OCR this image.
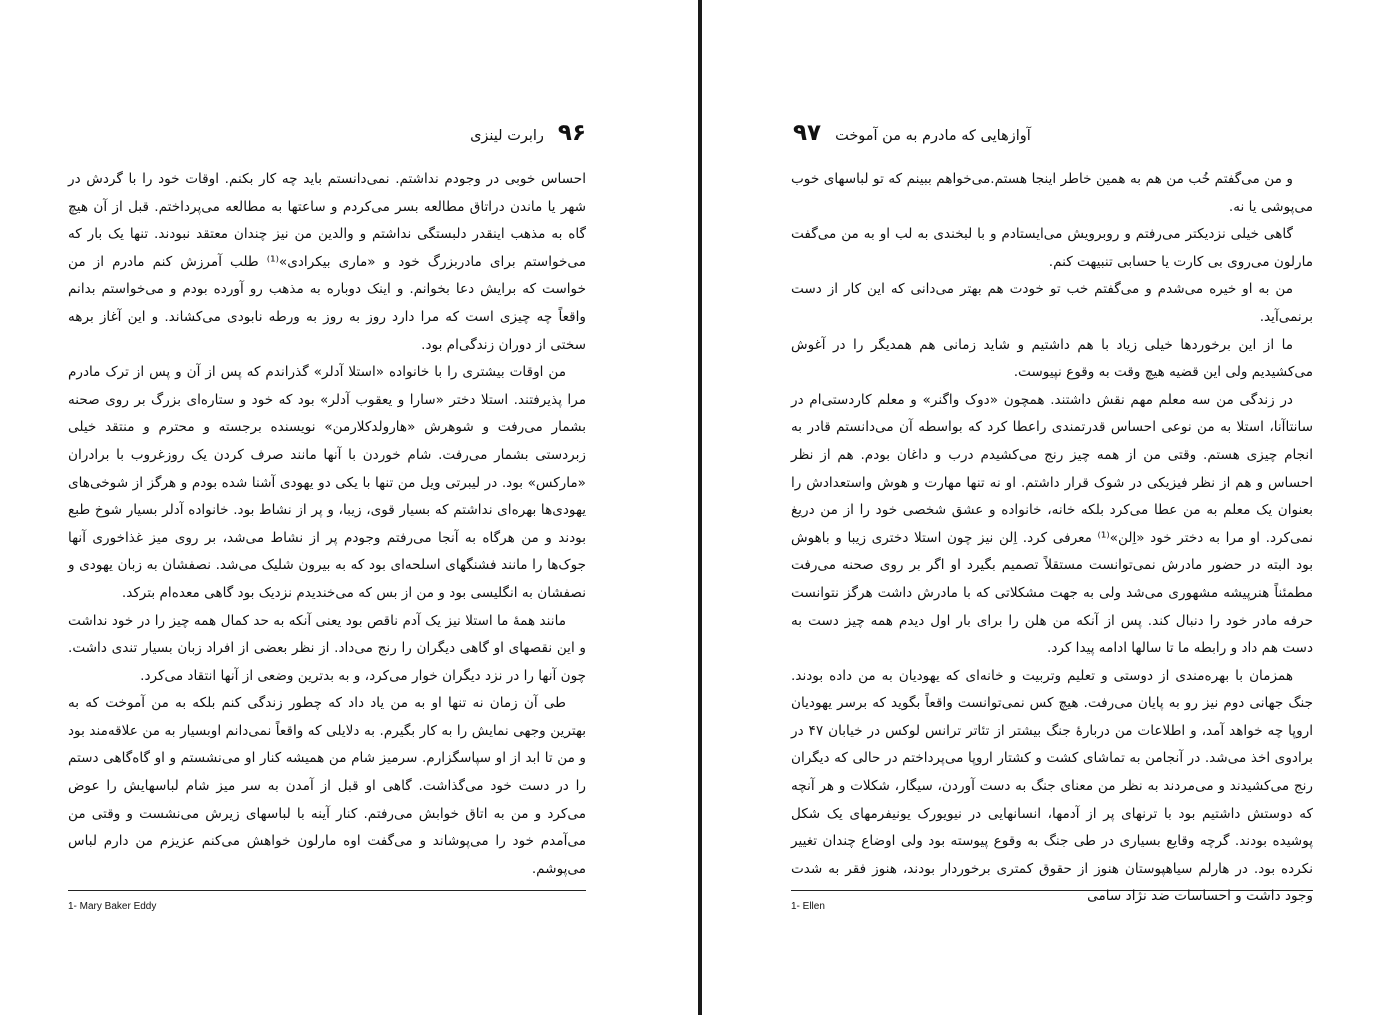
۹۶
رابرت لینزی

احساس خوبی در وجودم نداشتم. نمی‌دانستم باید چه کار بکنم. اوقات خود را با گردش در شهر یا ماندن دراتاق مطالعه بسر می‌کردم و ساعتها به مطالعه می‌پرداختم. قبل از آن هیچ گاه به مذهب اینقدر دلبستگی نداشتم و والدین من نیز چندان معتقد نبودند. تنها یک بار که می‌خواستم برای مادربزرگ خود و «ماری بیکرادی»⁽¹⁾ طلب آمرزش کنم مادرم از من خواست که برایش دعا بخوانم. و اینک دوباره به مذهب رو آورده بودم و می‌خواستم بدانم واقعاً چه چیزی است که مرا دارد روز به روز به ورطه نابودی می‌کشاند. و این آغاز برهه سختی از دوران زندگی‌ام بود.

من اوقات بیشتری را با خانواده «استلا آدلر» گذراندم که پس از آن و پس از ترک مادرم مرا پذیرفتند. استلا دختر «سارا و یعقوب آدلر» بود که خود و ستاره‌ای بزرگ بر روی صحنه بشمار می‌رفت و شوهرش «هارولدکلارمن» نویسنده برجسته و محترم و منتقد خیلی زبردستی بشمار می‌رفت. شام خوردن با آنها مانند صرف کردن یک روزغروب با برادران «مارکس» بود. در لیبرتی ویل من تنها با یکی دو یهودی آشنا شده بودم و هرگز از شوخی‌های یهودی‌ها بهره‌ای نداشتم که بسیار قوی، زیبا، و پر از نشاط بود. خانواده آدلر بسیار شوخ طبع بودند و من هرگاه به آنجا می‌رفتم وجودم پر از نشاط می‌شد، بر روی میز غذاخوری آنها جوک‌ها را مانند فشنگهای اسلحه‌ای بود که به بیرون شلیک می‌شد. نصفشان به زبان یهودی و نصفشان به انگلیسی بود و من از بس که می‌خندیدم نزدیک بود گاهی معده‌ام بترکد.

مانند همهٔ ما استلا نیز یک آدم ناقص بود یعنی آنکه به حد کمال همه چیز را در خود نداشت و این نقصهای او گاهی دیگران را رنج می‌داد. از نظر بعضی از افراد زبان بسیار تندی داشت. چون آنها را در نزد دیگران خوار می‌کرد، و به بدترین وضعی از آنها انتقاد می‌کرد.

طی آن زمان نه تنها او به من یاد داد که چطور زندگی کنم بلکه به من آموخت که به بهترین وجهی نمایش را به کار بگیرم. به دلایلی که واقعاً نمی‌دانم اوبسیار به من علاقه‌مند بود و من تا ابد از او سپاسگزارم. سرمیز شام من همیشه کنار او می‌نشستم و او گاه‌گاهی دستم را در دست خود می‌گذاشت. گاهی او قبل از آمدن به سر میز شام لباسهایش را عوض می‌کرد و من به اتاق خوابش می‌رفتم. کنار آینه با لباسهای زیرش می‌نشست و وقتی من می‌آمدم خود را می‌پوشاند و می‌گفت اوه مارلون خواهش می‌کنم عزیزم من دارم لباس می‌پوشم.

1- Mary Baker Eddy
۹۷ آوازهایی که مادرم به من آموخت

و من می‌گفتم خُب من هم به همین خاطر اینجا هستم.می‌خواهم ببینم که تو لباسهای خوب می‌پوشی یا نه.

گاهی خیلی نزدیکتر می‌رفتم و روبرویش می‌ایستادم و با لبخندی به لب او به من می‌گفت مارلون می‌روی بی کارت یا حسابی تنبیهت کنم.

من به او خیره می‌شدم و می‌گفتم خب تو خودت هم بهتر می‌دانی که این کار از دست برنمی‌آید.

ما از این برخوردها خیلی زیاد با هم داشتیم و شاید زمانی هم همدیگر را در آغوش می‌کشیدیم ولی این قضیه هیچ وقت به وقوع نپیوست.

در زندگی من سه معلم مهم نقش داشتند. همچون «دوک واگنر» و معلم کاردستی‌ام در سانتاآنا، استلا به من نوعی احساس قدرتمندی راعطا کرد که بواسطه آن می‌دانستم قادر به انجام چیزی هستم. وقتی من از همه چیز رنج می‌کشیدم درب و داغان بودم. هم از نظر احساس و هم از نظر فیزیکی در شوک قرار داشتم. او نه تنها مهارت و هوش واستعدادش را بعنوان یک معلم به من عطا می‌کرد بلکه خانه، خانواده و عشق شخصی خود را از من دریغ نمی‌کرد. او مرا به دختر خود «اِلن»⁽¹⁾ معرفی کرد. اِلن نیز چون استلا دختری زیبا و باهوش بود البته در حضور مادرش نمی‌توانست مستقلاً تصمیم بگیرد او اگر بر روی صحنه می‌رفت مطمئناً هنرپیشه مشهوری می‌شد ولی به جهت مشکلاتی که با مادرش داشت هرگز نتوانست حرفه مادر خود را دنبال کند. پس از آنکه من هلن را برای بار اول دیدم همه چیز دست به دست هم داد و رابطه ما تا سالها ادامه پیدا کرد.

همزمان با بهره‌مندی از دوستی و تعلیم وتربیت و خانه‌ای که یهودیان به من داده بودند. جنگ جهانی دوم نیز رو به پایان می‌رفت. هیچ کس نمی‌توانست واقعاً بگوید که برسر یهودیان اروپا چه خواهد آمد، و اطلاعات من دربارهٔ جنگ بیشتر از تئاتر ترانس لوکس در خیابان ۴۷ در برادوی اخذ می‌شد. در آنجامن به تماشای کشت و کشتار اروپا می‌پرداختم در حالی که دیگران رنج می‌کشیدند و می‌مردند به نظر من معنای جنگ به دست آوردن، سیگار، شکلات و هر آنچه که دوستش داشتیم بود با ترنهای پر از آدمها، انسانهایی در نیویورک یونیفرمهای یک شکل پوشیده بودند. گرچه وقایع بسیاری در طی جنگ به وقوع پیوسته بود ولی اوضاع چندان تغییر نکرده بود. در هارلم سیاهپوستان هنوز از حقوق کمتری برخوردار بودند، هنوز فقر به شدت وجود داشت و احساسات ضد نژاد سامی

1- Ellen
